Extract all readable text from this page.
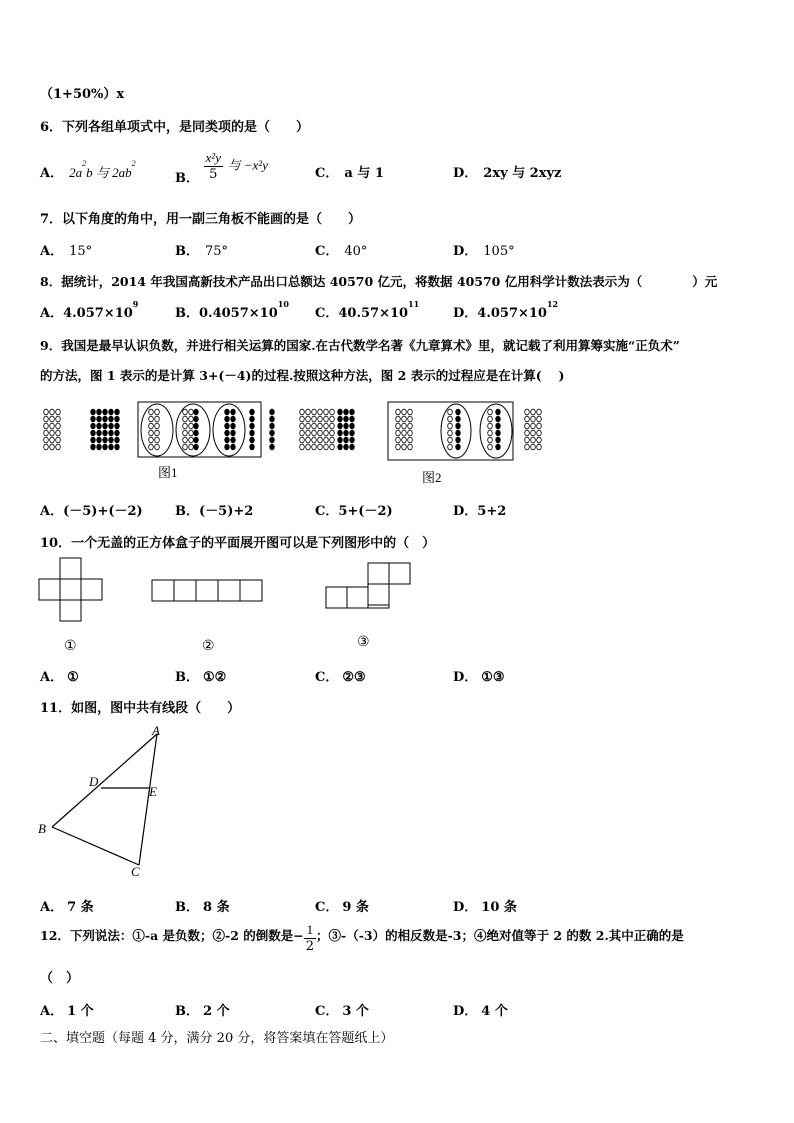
（1+50%）x
6．下列各组单项式中，是同类项的是（　　）
A． $2a^2b$ 与 $2ab^2$
B． $\frac{\text{x²y}}{5}$ 与 −x²y
C． a 与 1	D． 2xy 与 2xyz
7．以下角度的角中，用一副三角板不能画的是（　　）
A． 15°	B． 75°	C． 40°	D． 105°
8．据统计，2014 年我国高新技术产品出口总额达 40570 亿元，将数据 40570 亿用科学计数法表示为（　　　　）元
A．$4.057\times 10^9$
B．$0.4057\times 10^{10}$
C．$40.57\times 10^{11}$
D．$4.057\times 10^{12}$
9．我国是最早认识负数，并进行相关运算的国家.在古代数学名著《九章算术》里，就记载了利用算筹实施“正负术”
的方法，图 1 表示的是计算 3+(－4)的过程.按照这种方法，图 2 表示的过程应是在计算(　 )
图1	图2
A．(－5)+(－2) B．(－5)+2	C．5+(－2)	D．5+2
10．一个无盖的正方体盒子的平面展开图可以是下列图形中的（　）
①	②	③
A． ①	B． ①②	C． ②③	D． ①③
11．如图，图中共有线段（　　）
A
B
C
D
E
A． 7 条	B． 8 条	C． 9 条	D． 10 条
12．下列说法：①-a 是负数；②-2 的倒数是− $\frac{1}{2}$ ；③-（-3）的相反数是-3；④绝对值等于 2 的数 2.其中正确的是
（　）
A． 1 个	B． 2 个	C． 3 个	D． 4 个
二、填空题（每题 4 分，满分 20 分，将答案填在答题纸上）
